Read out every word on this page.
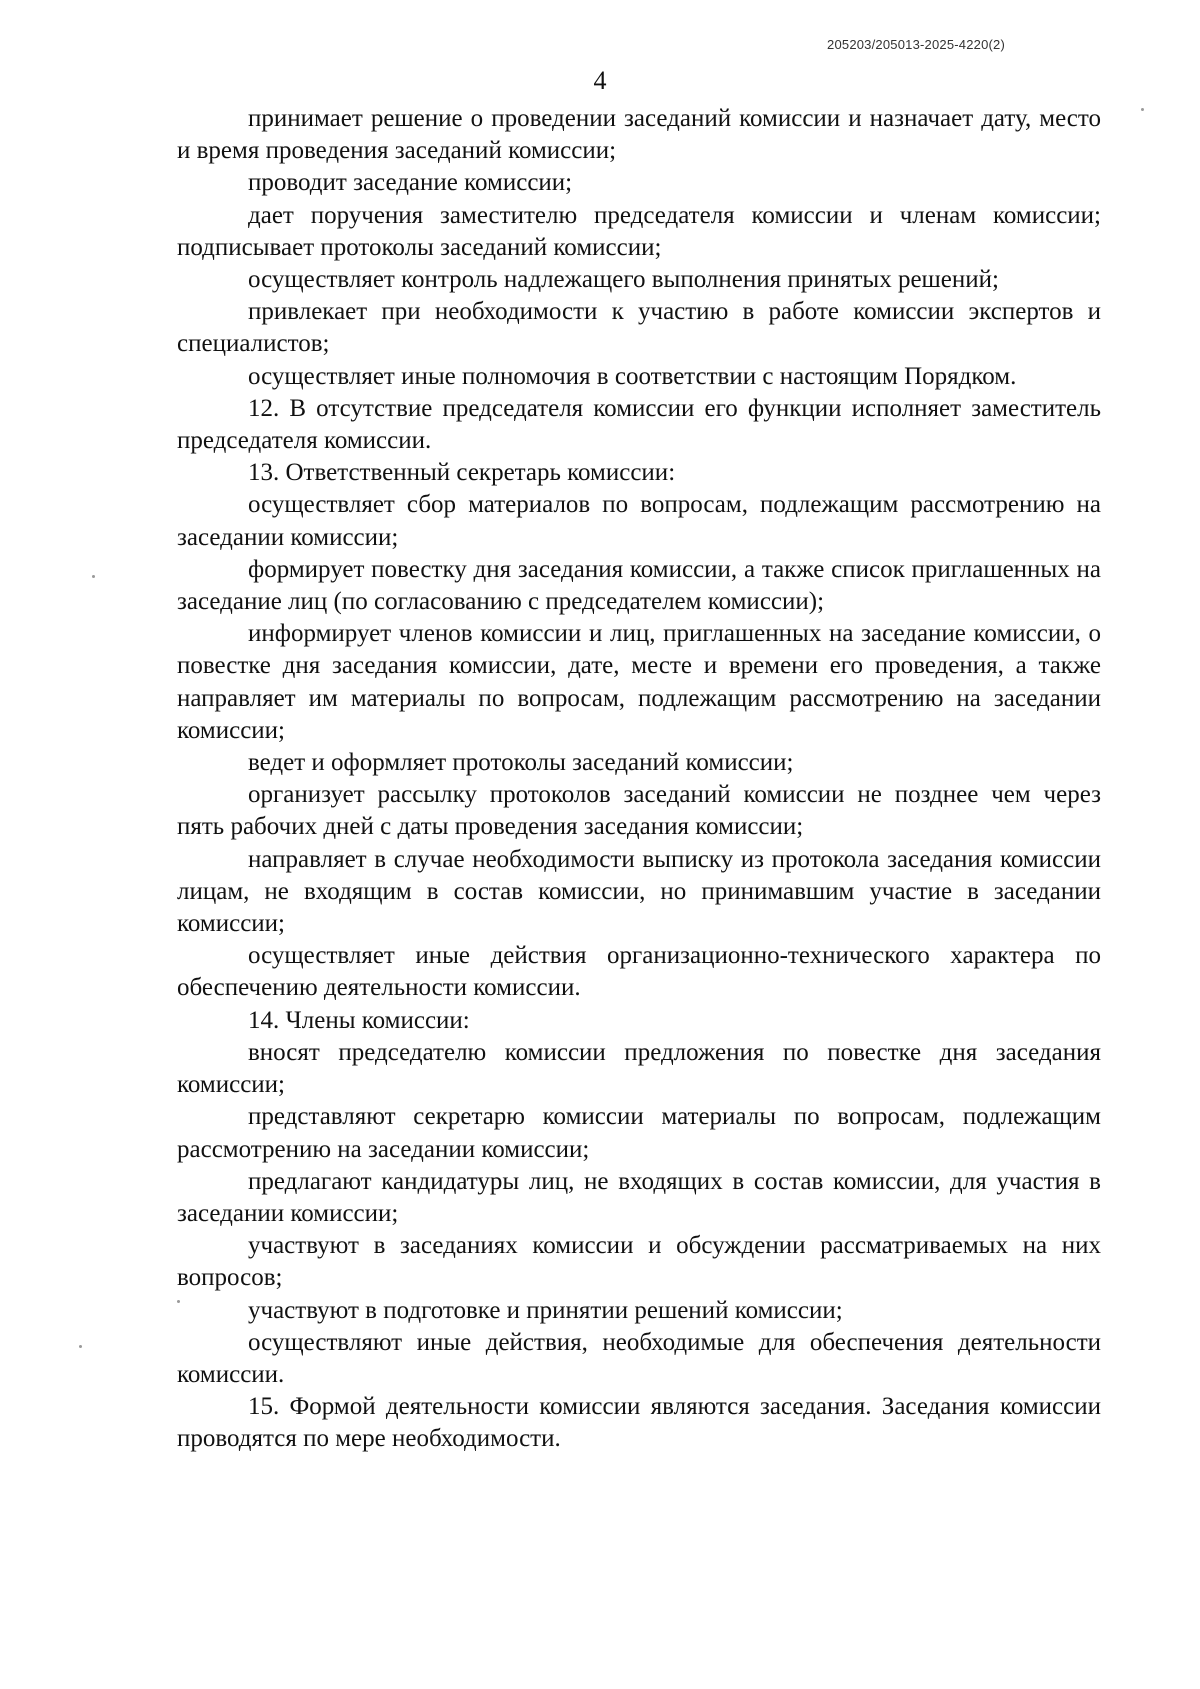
205203/205013-2025-4220(2)
4

принимает решение о проведении заседаний комиссии и назначает дату, место и время проведения заседаний комиссии;

проводит заседание комиссии;

дает поручения заместителю председателя комиссии и членам комиссии; подписывает протоколы заседаний комиссии;

осуществляет контроль надлежащего выполнения принятых решений;

привлекает при необходимости к участию в работе комиссии экспертов и специалистов;

осуществляет иные полномочия в соответствии с настоящим Порядком.

12. В отсутствие председателя комиссии его функции исполняет заместитель председателя комиссии.

13. Ответственный секретарь комиссии:

осуществляет сбор материалов по вопросам, подлежащим рассмотрению на заседании комиссии;

формирует повестку дня заседания комиссии, а также список приглашенных на заседание лиц (по согласованию с председателем комиссии);

информирует членов комиссии и лиц, приглашенных на заседание комиссии, о повестке дня заседания комиссии, дате, месте и времени его проведения, а также направляет им материалы по вопросам, подлежащим рассмотрению на заседании комиссии;

ведет и оформляет протоколы заседаний комиссии;

организует рассылку протоколов заседаний комиссии не позднее чем через пять рабочих дней с даты проведения заседания комиссии;

направляет в случае необходимости выписку из протокола заседания комиссии лицам, не входящим в состав комиссии, но принимавшим участие в заседании комиссии;

осуществляет иные действия организационно-технического характера по обеспечению деятельности комиссии.

14. Члены комиссии:

вносят председателю комиссии предложения по повестке дня заседания комиссии;

представляют секретарю комиссии материалы по вопросам, подлежащим рассмотрению на заседании комиссии;

предлагают кандидатуры лиц, не входящих в состав комиссии, для участия в заседании комиссии;

участвуют в заседаниях комиссии и обсуждении рассматриваемых на них вопросов;

участвуют в подготовке и принятии решений комиссии;

осуществляют иные действия, необходимые для обеспечения деятельности комиссии.

15. Формой деятельности комиссии являются заседания. Заседания комиссии проводятся по мере необходимости.
